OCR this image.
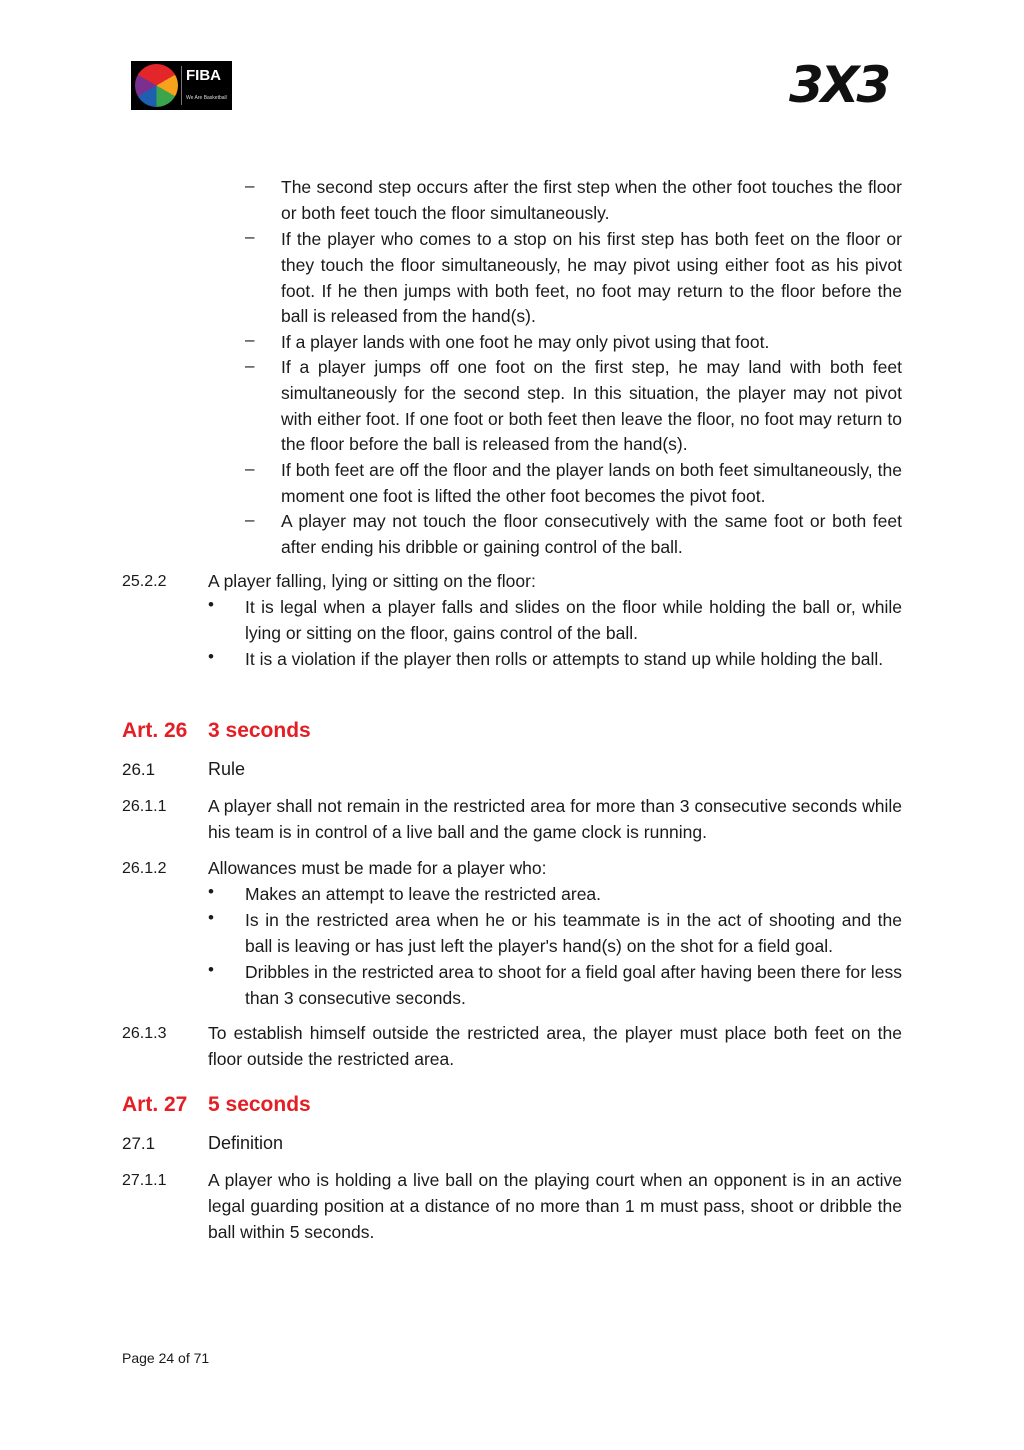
FIBA
We Are Basketball	3X3
– The second step occurs after the first step when the other foot touches the floor or both feet touch the floor simultaneously.
– If the player who comes to a stop on his first step has both feet on the floor or they touch the floor simultaneously, he may pivot using either foot as his pivot foot. If he then jumps with both feet, no foot may return to the floor before the ball is released from the hand(s).
– If a player lands with one foot he may only pivot using that foot.
– If a player jumps off one foot on the first step, he may land with both feet simultaneously for the second step. In this situation, the player may not pivot with either foot. If one foot or both feet then leave the floor, no foot may return to the floor before the ball is released from the hand(s).
– If both feet are off the floor and the player lands on both feet simultaneously, the moment one foot is lifted the other foot becomes the pivot foot.
– A player may not touch the floor consecutively with the same foot or both feet after ending his dribble or gaining control of the ball.
25.2.2 A player falling, lying or sitting on the floor:
• It is legal when a player falls and slides on the floor while holding the ball or, while lying or sitting on the floor, gains control of the ball.
• It is a violation if the player then rolls or attempts to stand up while holding the ball.
Art. 26 3 seconds
26.1	Rule
26.1.1 A player shall not remain in the restricted area for more than 3 consecutive seconds while his team is in control of a live ball and the game clock is running.
26.1.2 Allowances must be made for a player who:
• Makes an attempt to leave the restricted area.
• Is in the restricted area when he or his teammate is in the act of shooting and the ball is leaving or has just left the player's hand(s) on the shot for a field goal.
• Dribbles in the restricted area to shoot for a field goal after having been there for less than 3 consecutive seconds.
26.1.3 To establish himself outside the restricted area, the player must place both feet on the floor outside the restricted area.
Art. 27 5 seconds
27.1	Definition
27.1.1 A player who is holding a live ball on the playing court when an opponent is in an active legal guarding position at a distance of no more than 1 m must pass, shoot or dribble the ball within 5 seconds.
Page 24 of 71
